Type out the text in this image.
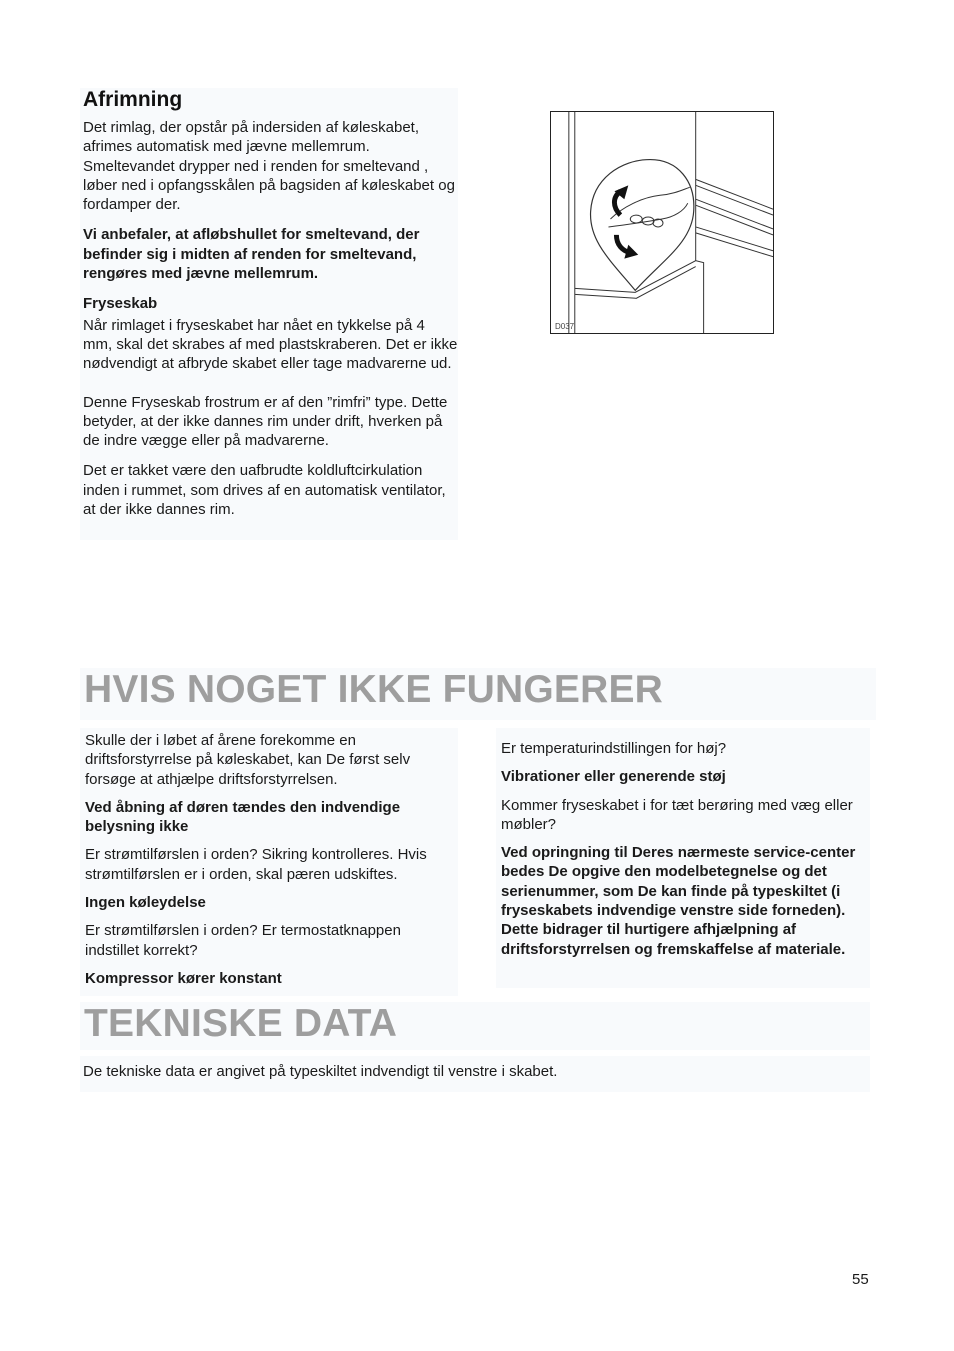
Afrimning

Det rimlag, der opstår på indersiden af køleskabet, afrimes automatisk med jævne mellemrum. Smeltevandet drypper ned i renden for smeltevand , løber ned i opfangsskålen på bagsiden af køleskabet og fordamper der.

Vi anbefaler, at afløbshullet for smeltevand, der befinder sig i midten af renden for smeltevand, rengøres med jævne mellemrum.

Fryseskab

Når rimlaget i fryseskabet har nået en tykkelse på 4 mm, skal det skrabes af med plastskraberen. Det er ikke nødvendigt at afbryde skabet eller tage madvarerne ud.

Denne Fryseskab frostrum er af den ”rimfri” type. Dette betyder, at der ikke dannes rim under drift, hverken på de indre vægge eller på madvarerne.

Det er takket være den uafbrudte koldluftcirkulation inden i rummet, som drives af en automatisk ventilator, at der ikke dannes rim.

D037
HVIS NOGET IKKE FUNGERER

Skulle der i løbet af årene forekomme en driftsforstyrrelse på køleskabet, kan De først selv forsøge at athjælpe driftsforstyrrelsen.

Ved åbning af døren tændes den indvendige belysning ikke

Er strømtilførslen i orden? Sikring kontrolleres. Hvis strømtilførslen er i orden, skal pæren udskiftes.

Ingen køleydelse

Er strømtilførslen i orden? Er termostatknappen indstillet korrekt?

Kompressor kører konstant

Er temperaturindstillingen for høj?

Vibrationer eller generende støj

Kommer fryseskabet i for tæt berøring med væg eller møbler?

Ved opringning til Deres nærmeste service-center bedes De opgive den modelbetegnelse og det serienummer, som De kan finde på typeskiltet (i fryseskabets indvendige venstre side forneden). Dette bidrager til hurtigere afhjælpning af driftsforstyrrelsen og fremskaffelse af materiale.

TEKNISKE DATA

De tekniske data er angivet på typeskiltet indvendigt til venstre i skabet.

55
